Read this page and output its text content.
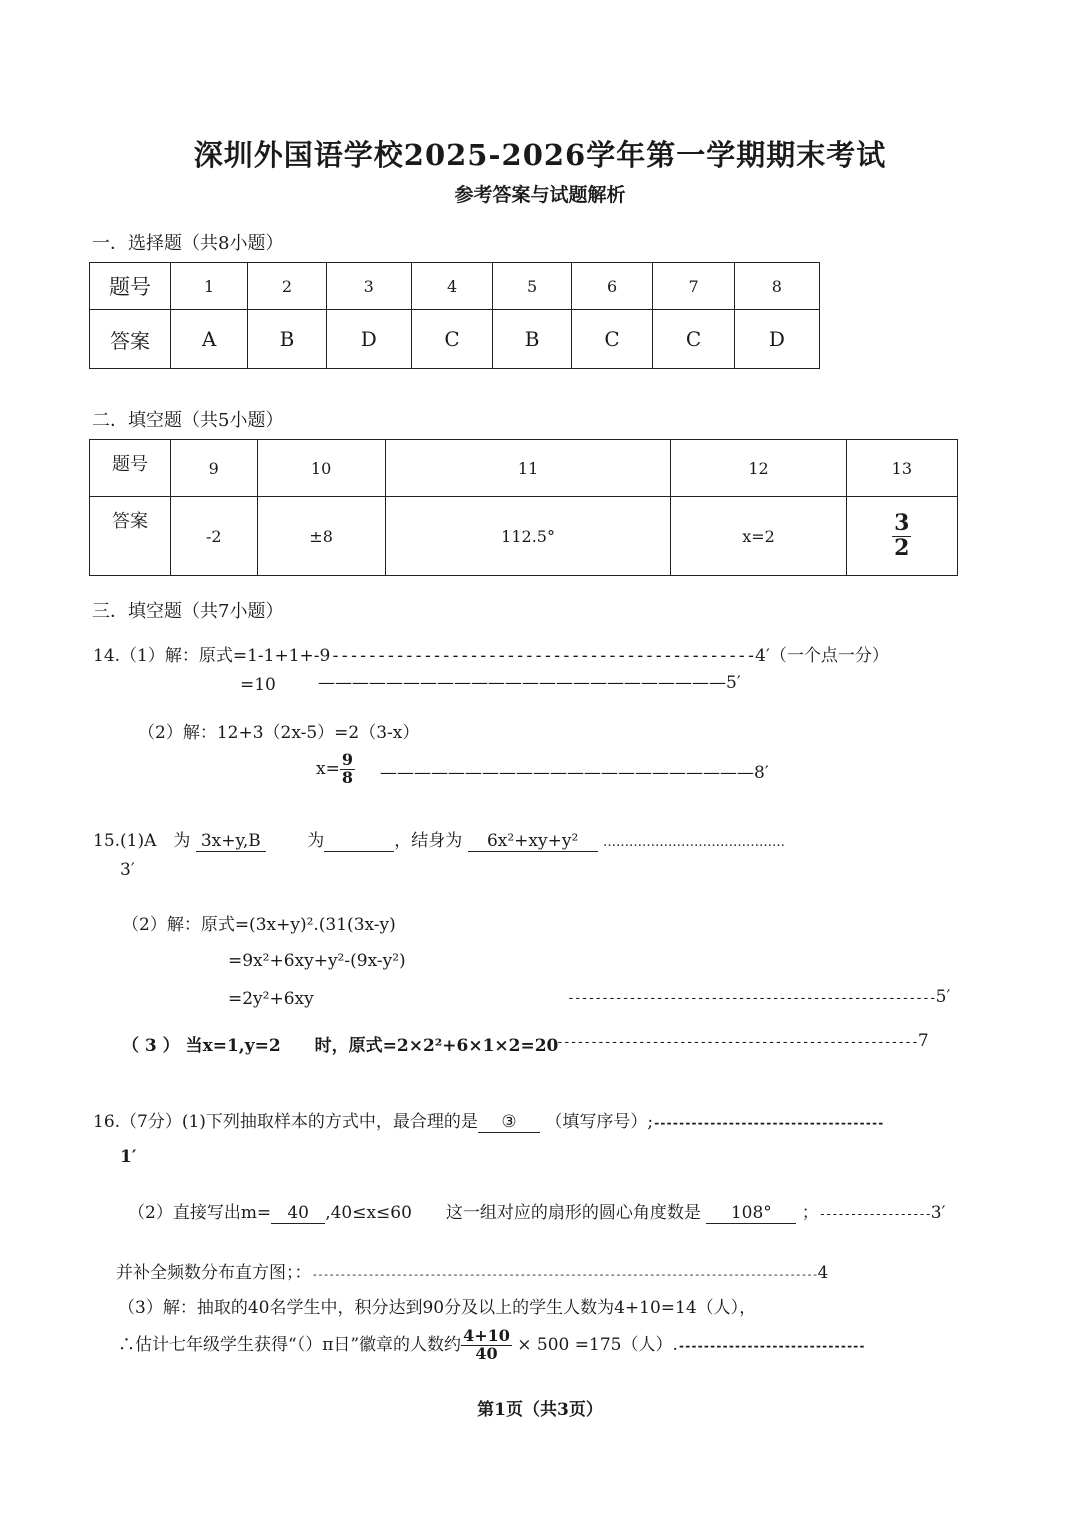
深圳外国语学校2025-2026学年第一学期期末考试
参考答案与试题解析
一．选择题（共8小题）
题号	1	2	3	4	5	6	7	8
答案	A	B	D	C	B	C	C	D
二．填空题（共5小题）
题号	9	10	11	12	13
答案	-2	±8	112.5°	x=2	$\frac{3}{2}$
三．填空题（共7小题）
14.（1）解：原式=1-1+1+-9----------------------------------------------4′（一个点一分）
=10 ————————————————————————5′
（2）解：12+3（2x-5）=2（3-x）
$x= \frac{9}{8}$ ——————————————————————8′
15.(1)A　为 3x+y,B	为	，结身为 6x²+xy+y² ……………………………………
3′
（2）解：原式=(3x+y)².(31(3x-y)
=9x²+6xy+y²-(9x-y²)
=2y²+6xy	------------------------------------------------------5′
（ 3 ） 当x=1,y=2　　时，原式=2×2²+6×1×2=20
-----------------------------------------------------7
16.（7分）(1)下列抽取样本的方式中，最合理的是 ③ （填写序号）;-------------------------------------
1′
（2）直接写出m= 40 ,40≤x≤60　　这一组对应的扇形的圆心角度数是 108° ；------------------3′
并补全频数分布直方图；：------------------------------------------------------------------------------------------4
（3）解：抽取的40名学生中，积分达到90分及以上的学生人数为4+10=14（人），
∴估计七年级学生获得“（）π日”徽章的人数约 $\frac{4+10}{40} \times 500 =175$（人）.------------------------------
第1页（共3页）
